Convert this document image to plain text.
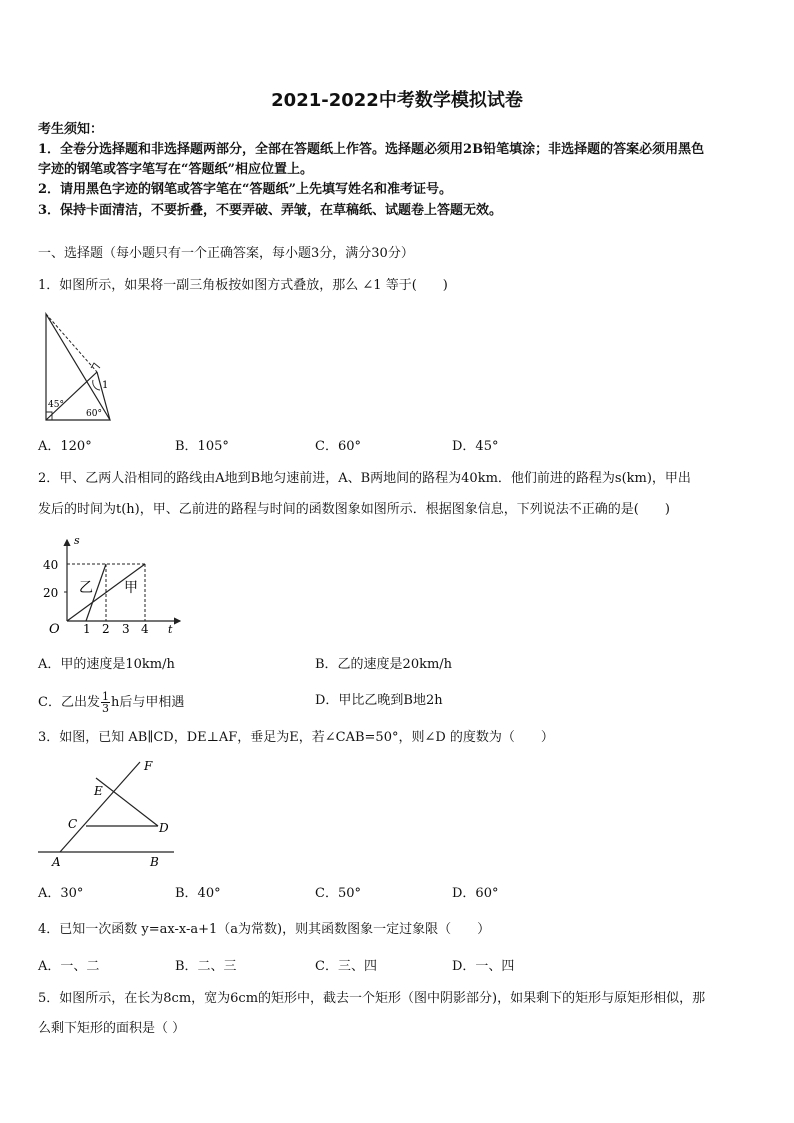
2021-2022中考数学模拟试卷
考生须知：
1．全卷分选择题和非选择题两部分，全部在答题纸上作答。选择题必须用2B铅笔填涂；非选择题的答案必须用黑色
字迹的钢笔或答字笔写在“答题纸”相应位置上。
2．请用黑色字迹的钢笔或答字笔在“答题纸”上先填写姓名和准考证号。
3．保持卡面清洁，不要折叠，不要弄破、弄皱，在草稿纸、试题卷上答题无效。
一、选择题（每小题只有一个正确答案，每小题3分，满分30分）
1．如图所示，如果将一副三角板按如图方式叠放，那么 ∠1 等于(　　)
1
45°
60°
A．120°	B．105°	C．60°	D．45°
2．甲、乙两人沿相同的路线由A地到B地匀速前进，A、B两地间的路程为40km．他们前进的路程为s(km)，甲出
发后的时间为t(h)，甲、乙前进的路程与时间的函数图象如图所示．根据图象信息，下列说法不正确的是(　　)
s
t
O
40
20
1 2 3 4
乙 甲
A．甲的速度是10km/h	B．乙的速度是20km/h
C．乙出发 $\frac{1}{3}$ h后与甲相遇	D．甲比乙晚到B地2h
3．如图，已知 AB∥CD，DE⊥AF，垂足为E，若∠CAB=50°，则∠D 的度数为（　　）
F
E
C	D
A	B
A．30°	B．40°	C．50°	D．60°
4．已知一次函数 y=ax-x-a+1（a为常数)，则其函数图象一定过象限（　　）
A．一、二	B．二、三	C．三、四	D．一、四
5．如图所示，在长为8cm，宽为6cm的矩形中，截去一个矩形（图中阴影部分)，如果剩下的矩形与原矩形相似，那
么剩下矩形的面积是（ ）
